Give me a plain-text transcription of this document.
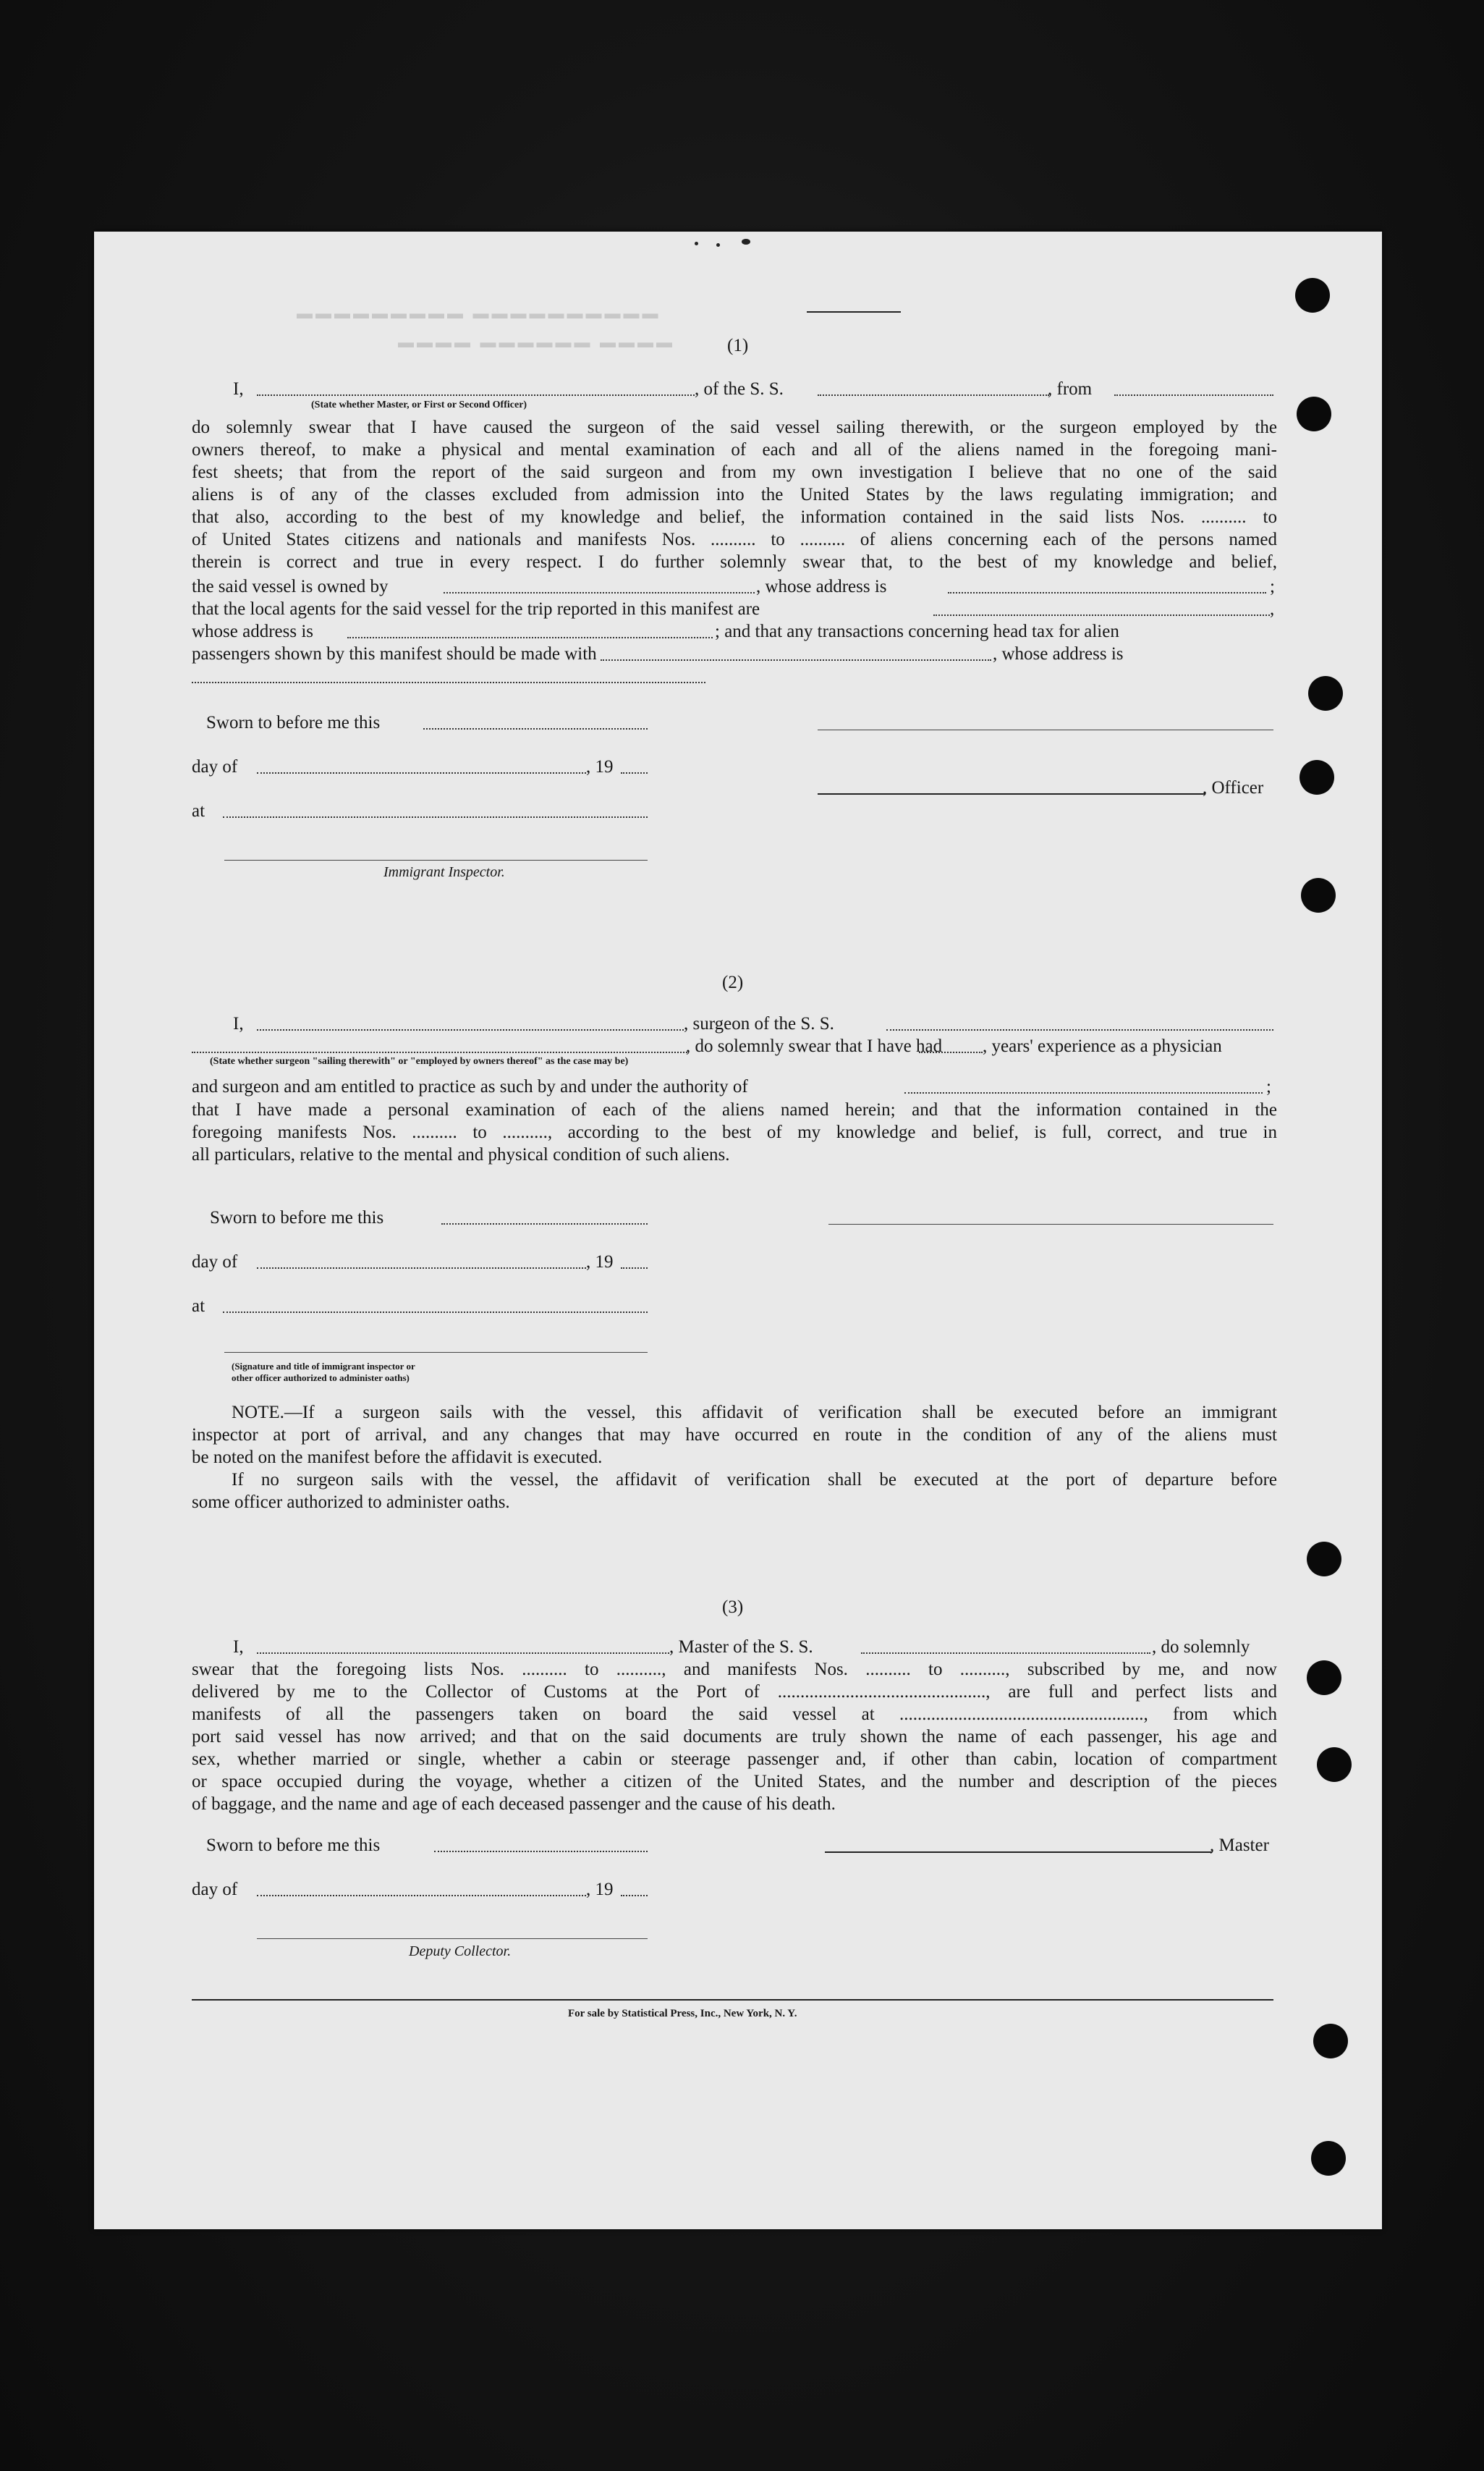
▬▬▬▬▬▬▬▬▬ ▬▬▬▬▬▬▬▬▬▬
▬▬▬▬ ▬▬▬▬▬▬ ▬▬▬▬	(1)
I,	, of the S. S.	, from
(State whether Master, or First or Second Officer)
do solemnly swear that I have caused the surgeon of the said vessel sailing therewith, or the surgeon employed by the
owners thereof, to make a physical and mental examination of each and all of the aliens named in the foregoing mani-
fest sheets; that from the report of the said surgeon and from my own investigation I believe that no one of the said
aliens is of any of the classes excluded from admission into the United States by the laws regulating immigration; and
that also, according to the best of my knowledge and belief, the information contained in the said lists Nos. .......... to
of United States citizens and nationals and manifests Nos. .......... to .......... of aliens concerning each of the persons named
therein is correct and true in every respect. I do further solemnly swear that, to the best of my knowledge and belief,
the said vessel is owned by	, whose address is	;
that the local agents for the said vessel for the trip reported in this manifest are	,
whose address is	; and that any transactions concerning head tax for alien
passengers shown by this manifest should be made with	, whose address is
Sworn to before me this
day of	, 19
, Officer
at
Immigrant Inspector.
(2)
I,	, surgeon of the S. S.
, do solemnly swear that I have had , years' experience as a physician
(State whether surgeon "sailing therewith" or "employed by owners thereof" as the case may be)
and surgeon and am entitled to practice as such by and under the authority of	;
that I have made a personal examination of each of the aliens named herein; and that the information contained in the
foregoing manifests Nos. .......... to .........., according to the best of my knowledge and belief, is full, correct, and true in
all particulars, relative to the mental and physical condition of such aliens.
Sworn to before me this
day of	, 19
at
(Signature and title of immigrant inspector or
other officer authorized to administer oaths)
NOTE.—If a surgeon sails with the vessel, this affidavit of verification shall be executed before an immigrant
inspector at port of arrival, and any changes that may have occurred en route in the condition of any of the aliens must
be noted on the manifest before the affidavit is executed.
If no surgeon sails with the vessel, the affidavit of verification shall be executed at the port of departure before
some officer authorized to administer oaths.
(3)
I,	, Master of the S. S.	, do solemnly
swear that the foregoing lists Nos. .......... to .........., and manifests Nos. .......... to .........., subscribed by me, and now
delivered by me to the Collector of Customs at the Port of .............................................., are full and perfect lists and
manifests of all the passengers taken on board the said vessel at ......................................................, from which
port said vessel has now arrived; and that on the said documents are truly shown the name of each passenger, his age and
sex, whether married or single, whether a cabin or steerage passenger and, if other than cabin, location of compartment
or space occupied during the voyage, whether a citizen of the United States, and the number and description of the pieces
of baggage, and the name and age of each deceased passenger and the cause of his death.
Sworn to before me this	, Master
day of	, 19
Deputy Collector.
For sale by Statistical Press, Inc., New York, N. Y.
